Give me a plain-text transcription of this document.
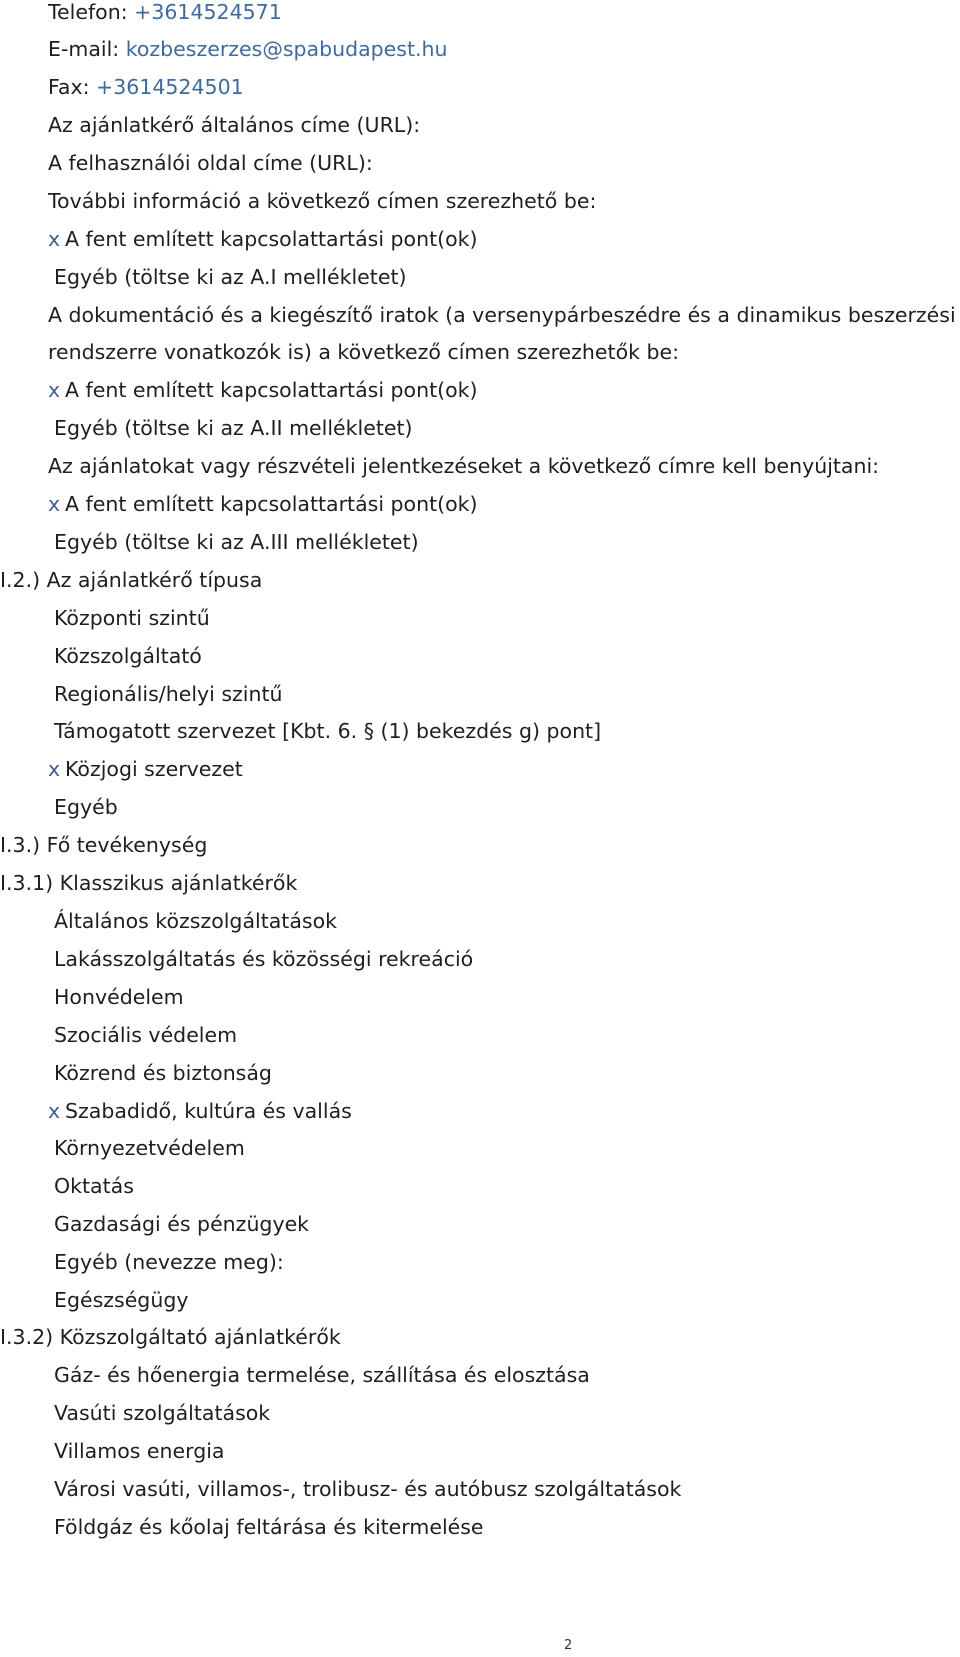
Telefon: +3614524571
E-mail: kozbeszerzes@spabudapest.hu
Fax: +3614524501
Az ajánlatkérő általános címe (URL):
A felhasználói oldal címe (URL):
További információ a következő címen szerezhető be:
x A fent említett kapcsolattartási pont(ok)
Egyéb (töltse ki az A.I mellékletet)
A dokumentáció és a kiegészítő iratok (a versenypárbeszédre és a dinamikus beszerzési
rendszerre vonatkozók is) a következő címen szerezhetők be:
x A fent említett kapcsolattartási pont(ok)
Egyéb (töltse ki az A.II mellékletet)
Az ajánlatokat vagy részvételi jelentkezéseket a következő címre kell benyújtani:
x A fent említett kapcsolattartási pont(ok)
Egyéb (töltse ki az A.III mellékletet)
I.2.) Az ajánlatkérő típusa
Központi szintű
Közszolgáltató
Regionális/helyi szintű
Támogatott szervezet [Kbt. 6. § (1) bekezdés g) pont]
x Közjogi szervezet
Egyéb
I.3.) Fő tevékenység
I.3.1) Klasszikus ajánlatkérők
Általános közszolgáltatások
Lakásszolgáltatás és közösségi rekreáció
Honvédelem
Szociális védelem
Közrend és biztonság
x Szabadidő, kultúra és vallás
Környezetvédelem
Oktatás
Gazdasági és pénzügyek
Egyéb (nevezze meg):
Egészségügy
I.3.2) Közszolgáltató ajánlatkérők
Gáz- és hőenergia termelése, szállítása és elosztása
Vasúti szolgáltatások
Villamos energia
Városi vasúti, villamos-, trolibusz- és autóbusz szolgáltatások
Földgáz és kőolaj feltárása és kitermelése
2
